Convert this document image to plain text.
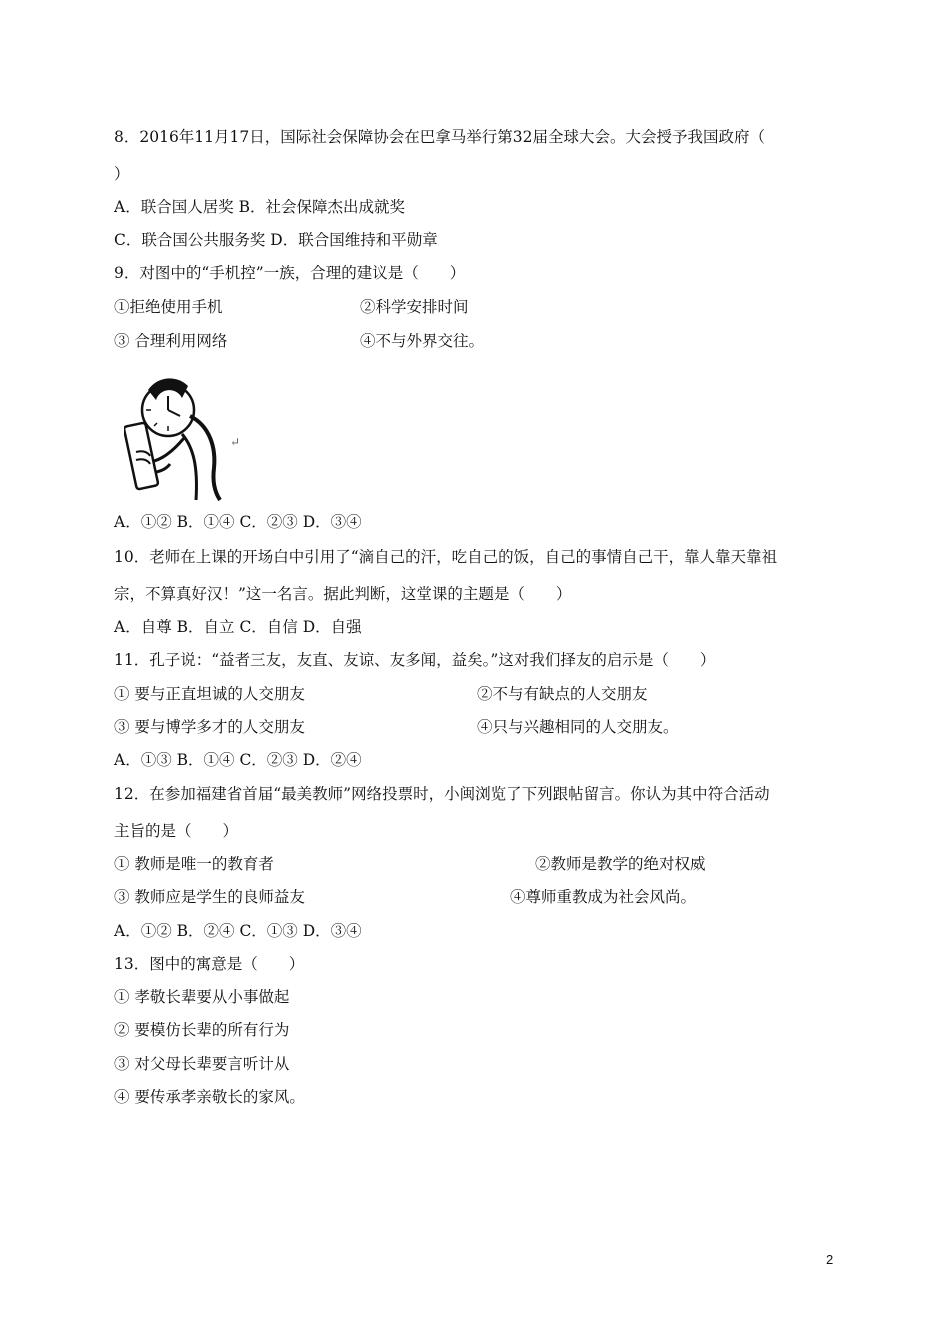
8．2016年11月17日，国际社会保障协会在巴拿马举行第32届全球大会。大会授予我国政府（
）
A．联合国人居奖 B．社会保障杰出成就奖
C．联合国公共服务奖 D．联合国维持和平勋章
9．对图中的“手机控”一族，合理的建议是（　　）
①拒绝使用手机	②科学安排时间
③ 合理利用网络	④不与外界交往。
↵
A．①② B．①④ C．②③ D．③④
10．老师在上课的开场白中引用了“滴自己的汗，吃自己的饭，自己的事情自己干，靠人靠天靠祖
宗，不算真好汉！”这一名言。据此判断，这堂课的主题是（　　）
A．自尊 B．自立 C．自信 D．自强
11．孔子说：“益者三友，友直、友谅、友多闻，益矣。”这对我们择友的启示是（　　）
① 要与正直坦诚的人交朋友	②不与有缺点的人交朋友
③ 要与博学多才的人交朋友	④只与兴趣相同的人交朋友。
A．①③ B．①④ C．②③ D．②④
12．在参加福建省首届“最美教师”网络投票时，小闽浏览了下列跟帖留言。你认为其中符合活动
主旨的是（　　）
① 教师是唯一的教育者	②教师是教学的绝对权威
③ 教师应是学生的良师益友	④尊师重教成为社会风尚。
A．①② B．②④ C．①③ D．③④
13．图中的寓意是（　　）
① 孝敬长辈要从小事做起
② 要模仿长辈的所有行为
③ 对父母长辈要言听计从
④ 要传承孝亲敬长的家风。
2
